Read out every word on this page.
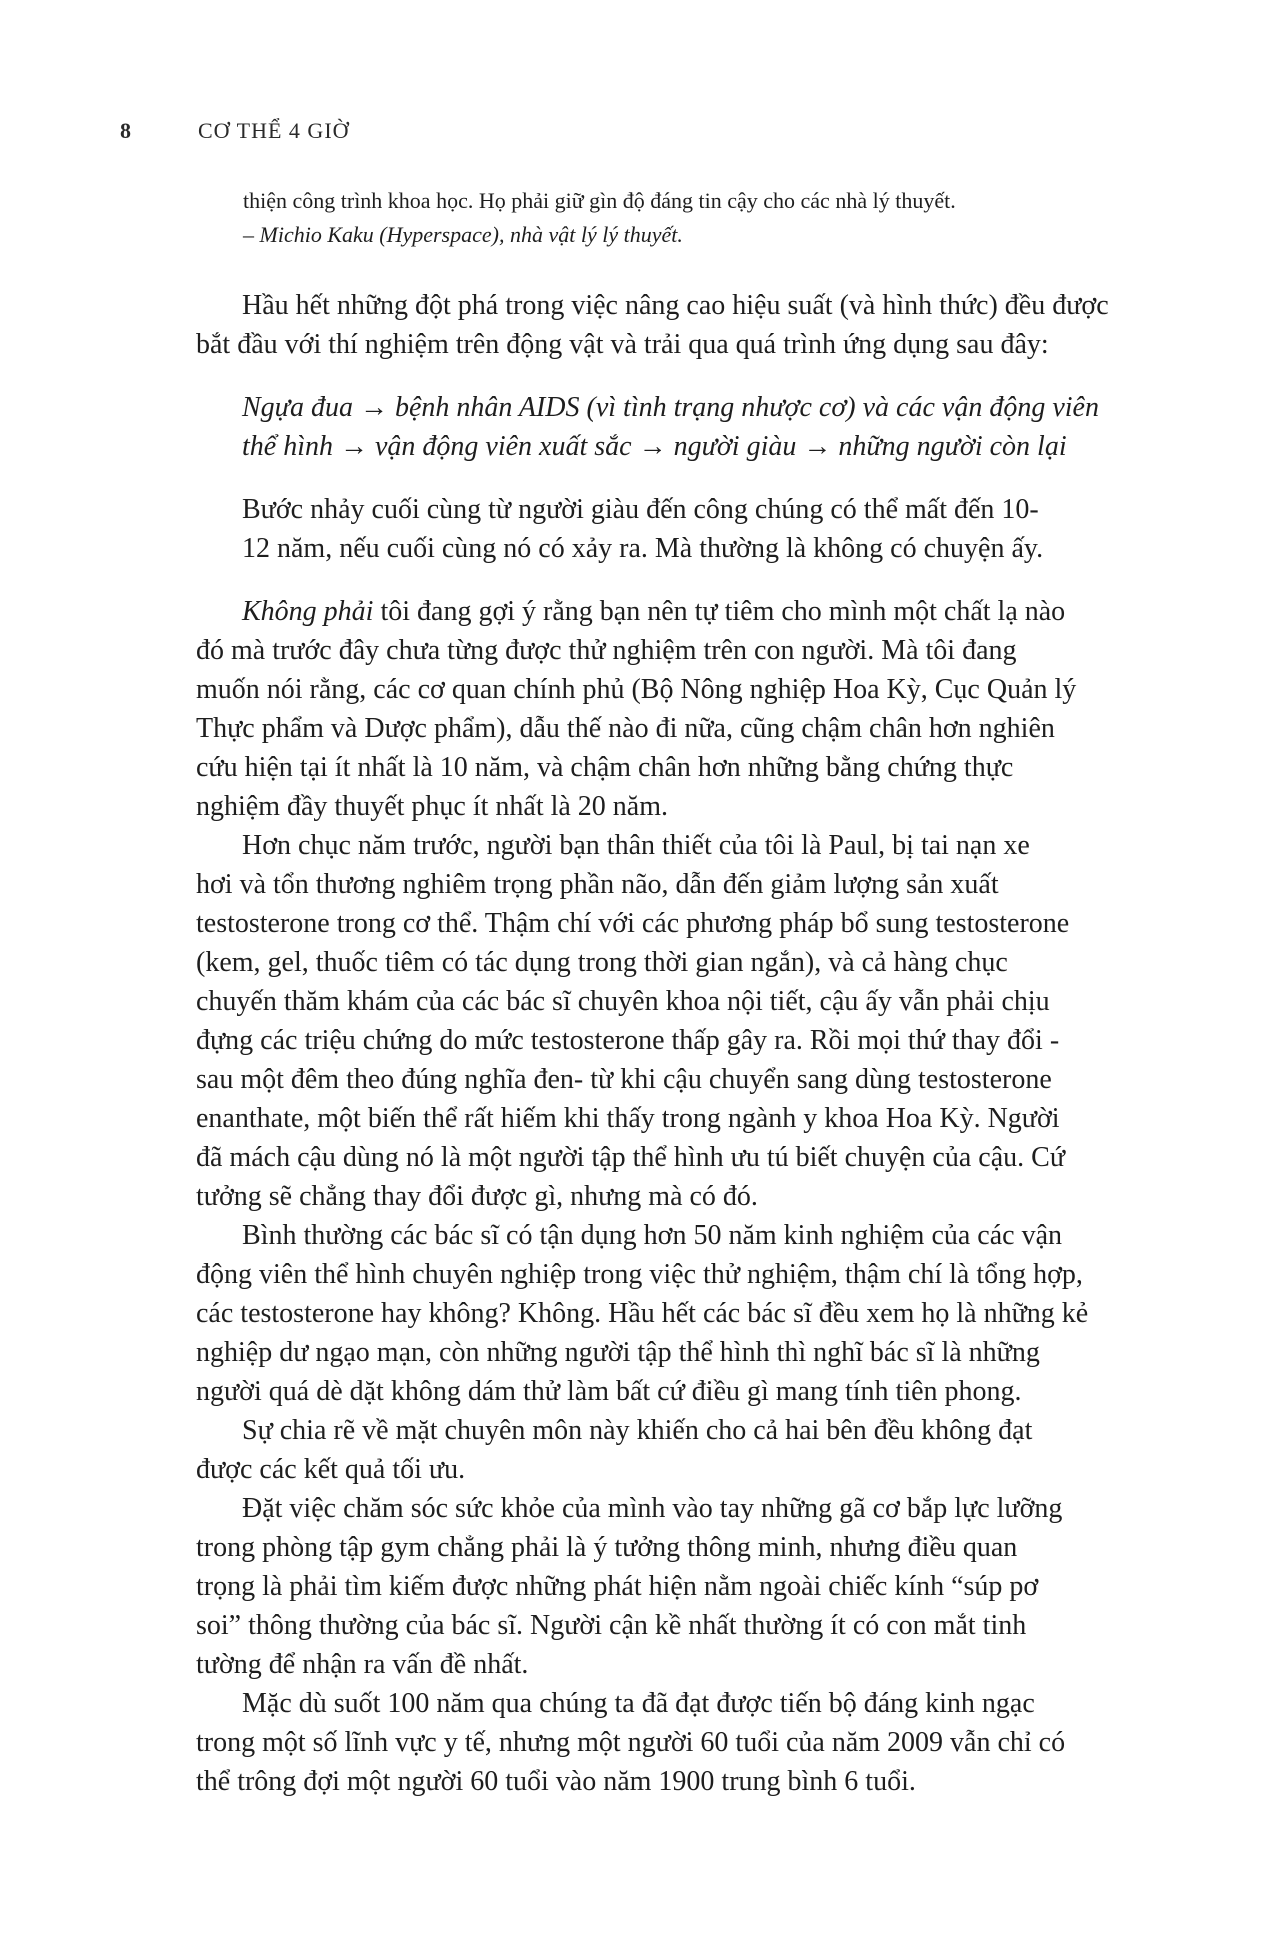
8	CƠ THỂ 4 GIỜ
thiện công trình khoa học. Họ phải giữ gìn độ đáng tin cậy cho các nhà lý thuyết.
– Michio Kaku (Hyperspace), nhà vật lý lý thuyết.
Hầu hết những đột phá trong việc nâng cao hiệu suất (và hình thức) đều được
bắt đầu với thí nghiệm trên động vật và trải qua quá trình ứng dụng sau đây:
Ngựa đua → bệnh nhân AIDS (vì tình trạng nhược cơ) và các vận động viên
thể hình → vận động viên xuất sắc → người giàu → những người còn lại
Bước nhảy cuối cùng từ người giàu đến công chúng có thể mất đến 10-
12 năm, nếu cuối cùng nó có xảy ra. Mà thường là không có chuyện ấy.
Không phải tôi đang gợi ý rằng bạn nên tự tiêm cho mình một chất lạ nào
đó mà trước đây chưa từng được thử nghiệm trên con người. Mà tôi đang
muốn nói rằng, các cơ quan chính phủ (Bộ Nông nghiệp Hoa Kỳ, Cục Quản lý
Thực phẩm và Dược phẩm), dẫu thế nào đi nữa, cũng chậm chân hơn nghiên
cứu hiện tại ít nhất là 10 năm, và chậm chân hơn những bằng chứng thực
nghiệm đầy thuyết phục ít nhất là 20 năm.
Hơn chục năm trước, người bạn thân thiết của tôi là Paul, bị tai nạn xe
hơi và tổn thương nghiêm trọng phần não, dẫn đến giảm lượng sản xuất
testosterone trong cơ thể. Thậm chí với các phương pháp bổ sung testosterone
(kem, gel, thuốc tiêm có tác dụng trong thời gian ngắn), và cả hàng chục
chuyến thăm khám của các bác sĩ chuyên khoa nội tiết, cậu ấy vẫn phải chịu
đựng các triệu chứng do mức testosterone thấp gây ra. Rồi mọi thứ thay đổi -
sau một đêm theo đúng nghĩa đen- từ khi cậu chuyển sang dùng testosterone
enanthate, một biến thể rất hiếm khi thấy trong ngành y khoa Hoa Kỳ. Người
đã mách cậu dùng nó là một người tập thể hình ưu tú biết chuyện của cậu. Cứ
tưởng sẽ chẳng thay đổi được gì, nhưng mà có đó.
Bình thường các bác sĩ có tận dụng hơn 50 năm kinh nghiệm của các vận
động viên thể hình chuyên nghiệp trong việc thử nghiệm, thậm chí là tổng hợp,
các testosterone hay không? Không. Hầu hết các bác sĩ đều xem họ là những kẻ
nghiệp dư ngạo mạn, còn những người tập thể hình thì nghĩ bác sĩ là những
người quá dè dặt không dám thử làm bất cứ điều gì mang tính tiên phong.
Sự chia rẽ về mặt chuyên môn này khiến cho cả hai bên đều không đạt
được các kết quả tối ưu.
Đặt việc chăm sóc sức khỏe của mình vào tay những gã cơ bắp lực lưỡng
trong phòng tập gym chẳng phải là ý tưởng thông minh, nhưng điều quan
trọng là phải tìm kiếm được những phát hiện nằm ngoài chiếc kính “súp pơ
soi” thông thường của bác sĩ. Người cận kề nhất thường ít có con mắt tinh
tường để nhận ra vấn đề nhất.
Mặc dù suốt 100 năm qua chúng ta đã đạt được tiến bộ đáng kinh ngạc
trong một số lĩnh vực y tế, nhưng một người 60 tuổi của năm 2009 vẫn chỉ có
thể trông đợi một người 60 tuổi vào năm 1900 trung bình 6 tuổi.
